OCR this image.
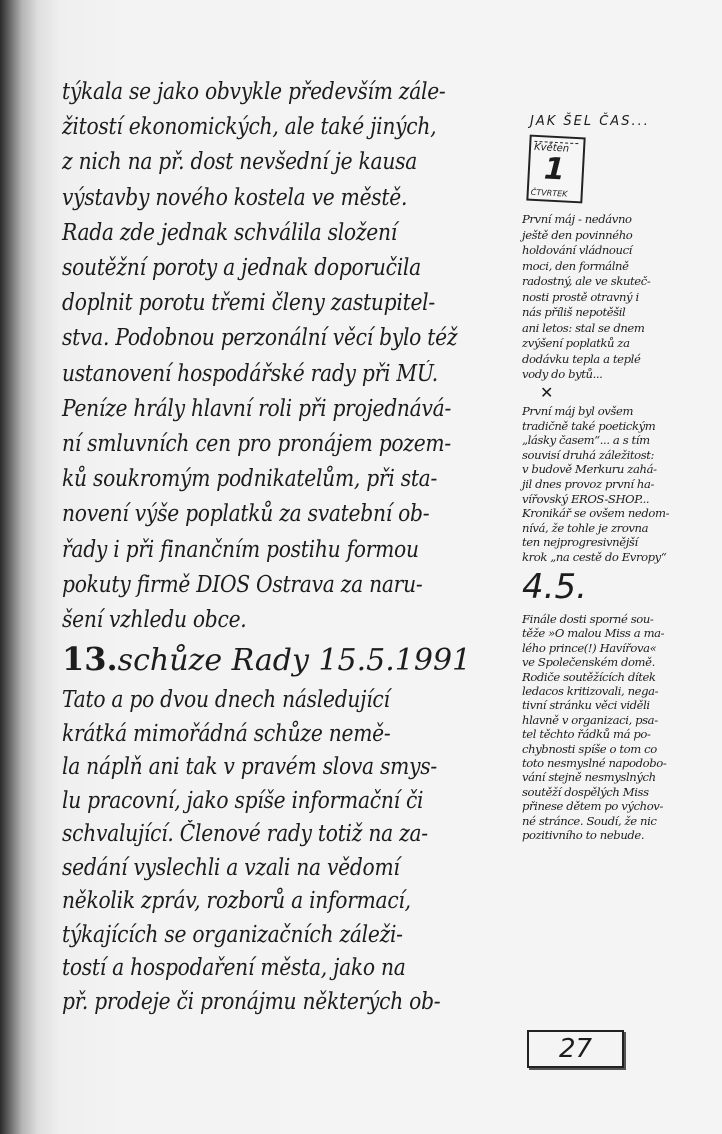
týkala se jako obvykle především zále-
žitostí ekonomických, ale také jiných,
z nich na př. dost nevšední je kausa
výstavby nového kostela ve městě.
Rada zde jednak schválila složení
soutěžní poroty a jednak doporučila
doplnit porotu třemi členy zastupitel-
stva. Podobnou perzonální věcí bylo též
ustanovení hospodářské rady při MÚ.
Peníze hrály hlavní roli při projednává-
ní smluvních cen pro pronájem pozem-
ků soukromým podnikatelům, při sta-
novení výše poplatků za svatební ob-
řady i při finančním postihu formou
pokuty firmě DIOS Ostrava za naru-
šení vzhledu obce.
13.schůze Rady 15.5.1991
Tato a po dvou dnech následující
krátká mimořádná schůze nemě-
la náplň ani tak v pravém slova smys-
lu pracovní, jako spíše informační či
schvalující. Členové rady totiž na za-
sedání vyslechli a vzali na vědomí
několik zpráv, rozborů a informací,
týkajících se organizačních záleži-
tostí a hospodaření města, jako na
př. prodeje či pronájmu některých ob-
JAK ŠEL ČAS...
Květen
1
ČTVRTEK
✕
4.5.
První máj - nedávno
ještě den povinného
holdování vládnoucí
moci, den formálně
radostný, ale ve skuteč-
nosti prostě otravný i
nás příliš nepotěšil
ani letos: stal se dnem
zvýšení poplatků za
dodávku tepla a teplé
vody do bytů...
První máj byl ovšem
tradičně také poetickým
„lásky časem“... a s tím
souvisí druhá záležitost:
v budově Merkuru zahá-
jil dnes provoz první ha-
vířovský EROS-SHOP...
Kronikář se ovšem nedom-
nívá, že tohle je zrovna
ten nejprogresivnější
krok „na cestě do Evropy“
Finále dosti sporné sou-
těže »O malou Miss a ma-
lého prince(!) Havířova«
ve Společenském domě.
Rodiče soutěžících dítek
ledacos kritizovali, nega-
tivní stránku věci viděli
hlavně v organizaci, psa-
tel těchto řádků má po-
chybnosti spíše o tom co
toto nesmyslné napodobo-
vání stejně nesmyslných
soutěží dospělých Miss
přinese dětem po výchov-
né stránce. Soudí, že nic
pozitivního to nebude.
27
